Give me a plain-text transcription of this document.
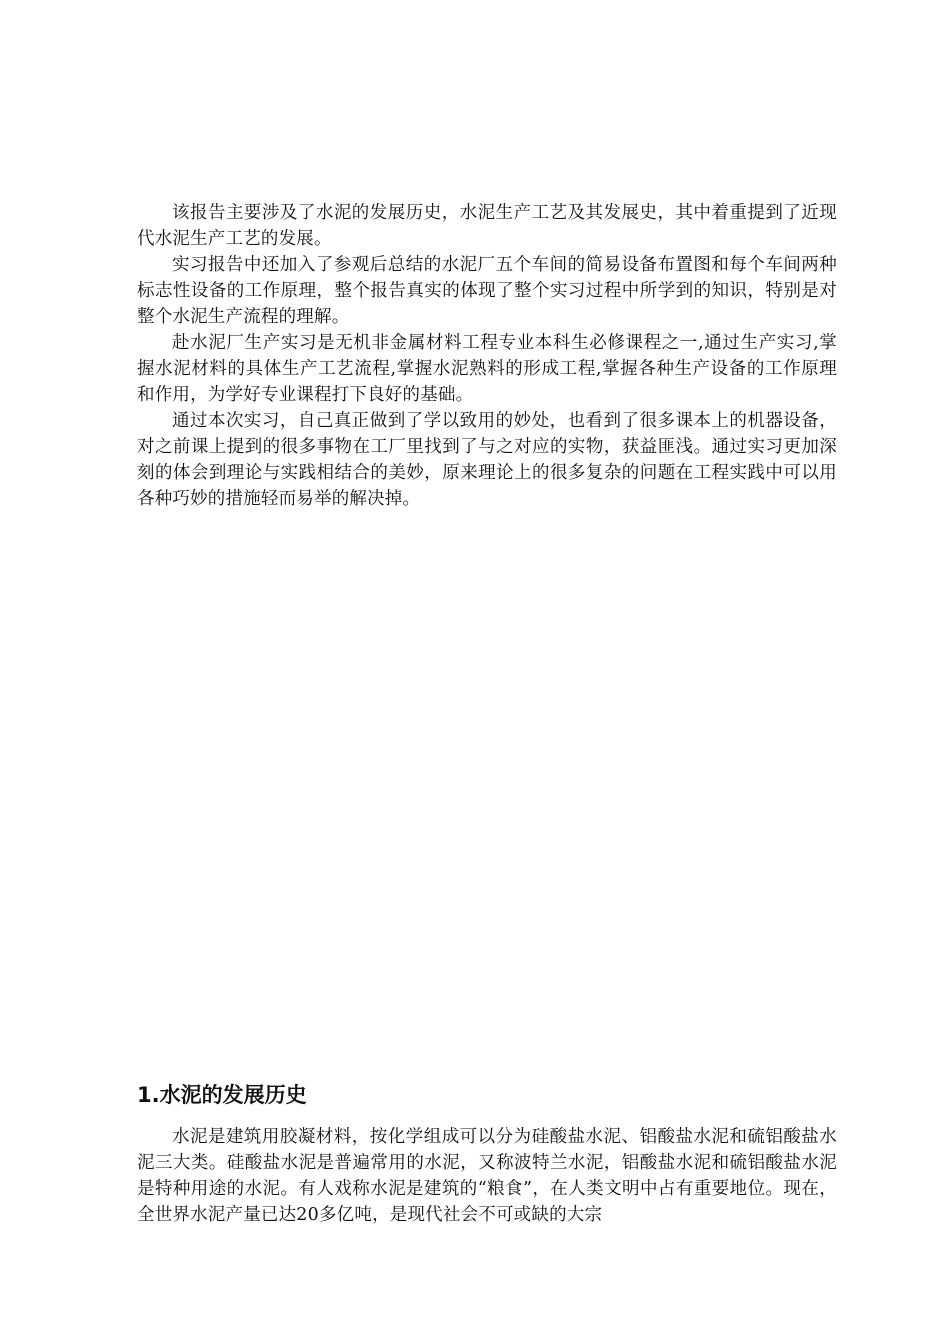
该报告主要涉及了水泥的发展历史，水泥生产工艺及其发展史，其中着重提到了近现代水泥生产工艺的发展。

实习报告中还加入了参观后总结的水泥厂五个车间的简易设备布置图和每个车间两种标志性设备的工作原理，整个报告真实的体现了整个实习过程中所学到的知识，特别是对整个水泥生产流程的理解。

赴水泥厂生产实习是无机非金属材料工程专业本科生必修课程之一,通过生产实习,掌握水泥材料的具体生产工艺流程,掌握水泥熟料的形成工程,掌握各种生产设备的工作原理和作用，为学好专业课程打下良好的基础。

通过本次实习，自己真正做到了学以致用的妙处，也看到了很多课本上的机器设备，对之前课上提到的很多事物在工厂里找到了与之对应的实物，获益匪浅。通过实习更加深刻的体会到理论与实践相结合的美妙，原来理论上的很多复杂的问题在工程实践中可以用各种巧妙的措施轻而易举的解决掉。

1.水泥的发展历史

水泥是建筑用胶凝材料，按化学组成可以分为硅酸盐水泥、铝酸盐水泥和硫铝酸盐水泥三大类。硅酸盐水泥是普遍常用的水泥，又称波特兰水泥，铝酸盐水泥和硫铝酸盐水泥是特种用途的水泥。有人戏称水泥是建筑的“粮食”，在人类文明中占有重要地位。现在，全世界水泥产量已达20多亿吨，是现代社会不可或缺的大宗
